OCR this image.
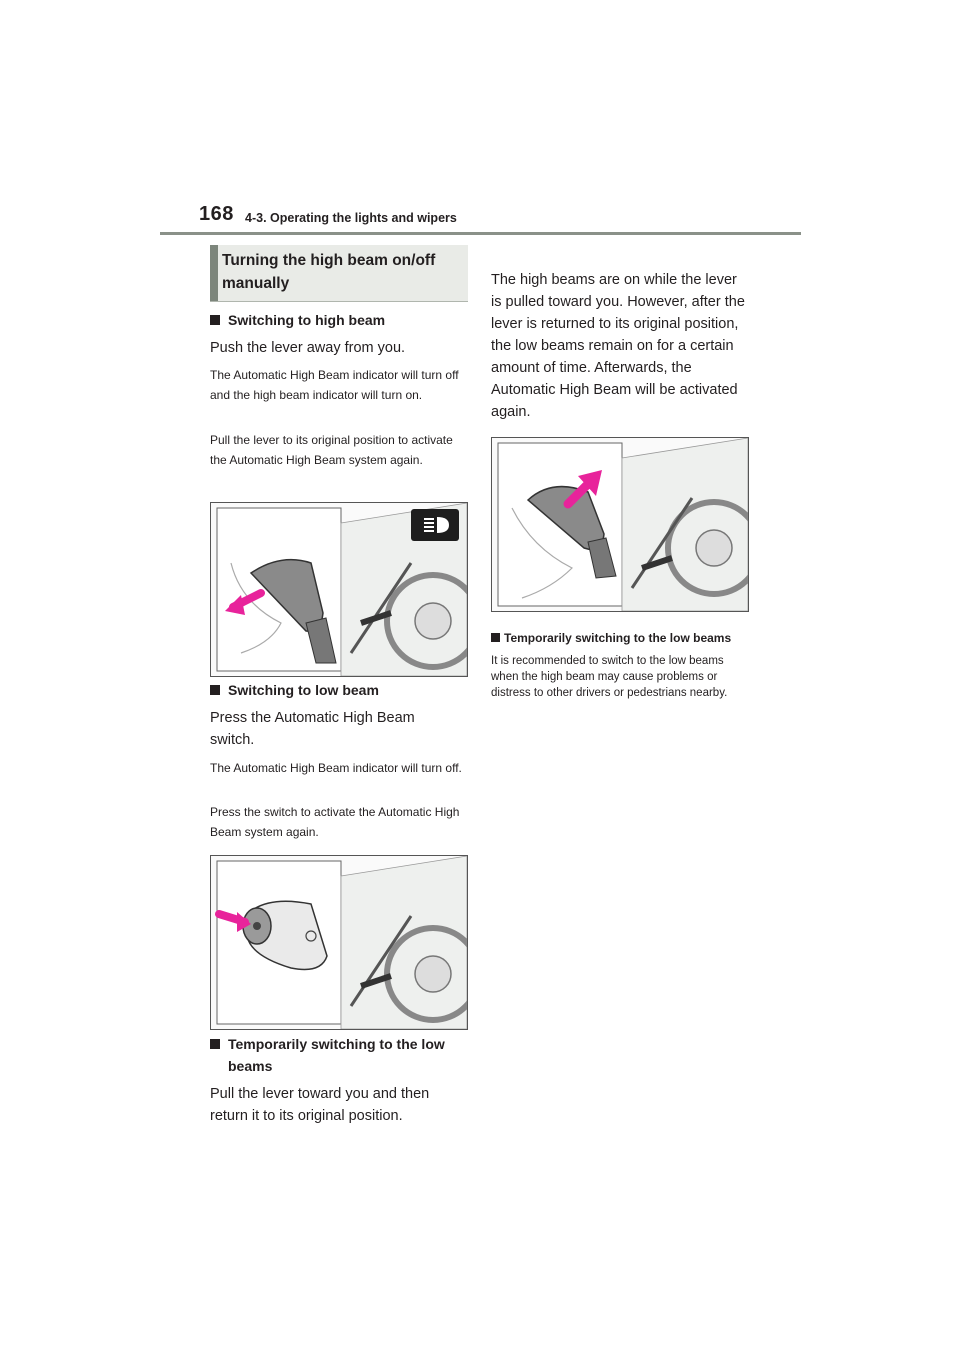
168 4-3. Operating the lights and wipers
Turning the high beam on/off manually
Switching to high beam
Push the lever away from you.
The Automatic High Beam indicator will turn off and the high beam indicator will turn on.
Pull the lever to its original position to activate the Automatic High Beam system again.
Switching to low beam
Press the Automatic High Beam switch.
The Automatic High Beam indicator will turn off.
Press the switch to activate the Automatic High Beam system again.
Temporarily switching to the low beams
Pull the lever toward you and then return it to its original position.
The high beams are on while the lever is pulled toward you. However, after the lever is returned to its original position, the low beams remain on for a certain amount of time. Afterwards, the Automatic High Beam will be activated again.
Temporarily switching to the low beams
It is recommended to switch to the low beams when the high beam may cause problems or distress to other drivers or pedestrians nearby.
